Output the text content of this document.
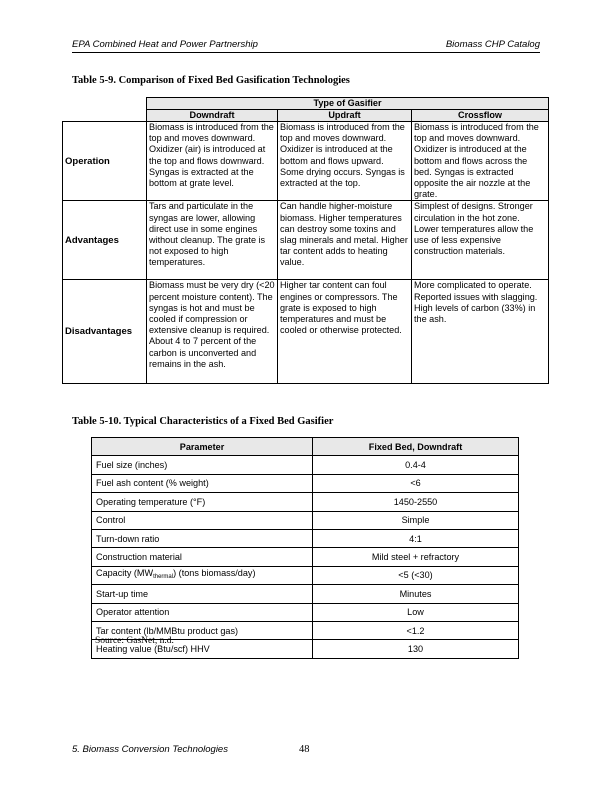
EPA Combined Heat and Power Partnership	Biomass CHP Catalog
Table 5-9. Comparison of Fixed Bed Gasification Technologies
	Type of Gasifier		
	Downdraft	Updraft	Crossflow
Operation	Biomass is introduced from the top and moves downward. Oxidizer (air) is introduced at the top and flows downward. Syngas is extracted at the bottom at grate level.	Biomass is introduced from the top and moves downward. Oxidizer is introduced at the bottom and flows upward. Some drying occurs. Syngas is extracted at the top.	Biomass is introduced from the top and moves downward. Oxidizer is introduced at the bottom and flows across the bed. Syngas is extracted opposite the air nozzle at the grate.
Advantages	Tars and particulate in the syngas are lower, allowing direct use in some engines without cleanup. The grate is not exposed to high temperatures.	Can handle higher-moisture biomass. Higher temperatures can destroy some toxins and slag minerals and metal. Higher tar content adds to heating value.	Simplest of designs. Stronger circulation in the hot zone. Lower temperatures allow the use of less expensive construction materials.
Disadvantages	Biomass must be very dry (<20 percent moisture content). The syngas is hot and must be cooled if compression or extensive cleanup is required. About 4 to 7 percent of the carbon is unconverted and remains in the ash.	Higher tar content can foul engines or compressors. The grate is exposed to high temperatures and must be cooled or otherwise protected.	More complicated to operate. Reported issues with slagging. High levels of carbon (33%) in the ash.
Table 5-10. Typical Characteristics of a Fixed Bed Gasifier
Parameter	Fixed Bed, Downdraft
Fuel size (inches)	0.4-4
Fuel ash content (% weight)	<6
Operating temperature (°F)	1450-2550
Control	Simple
Turn-down ratio	4:1
Construction material	Mild steel + refractory
Capacity $(MW_{thermal})$ (tons biomass/day)	<5 (<30)
Start-up time	Minutes
Operator attention	Low
Tar content (lb/MMBtu product gas)	<1.2
Heating value (Btu/scf) HHV	130
Source: GasNet, n.d.
5. Biomass Conversion Technologies	48
